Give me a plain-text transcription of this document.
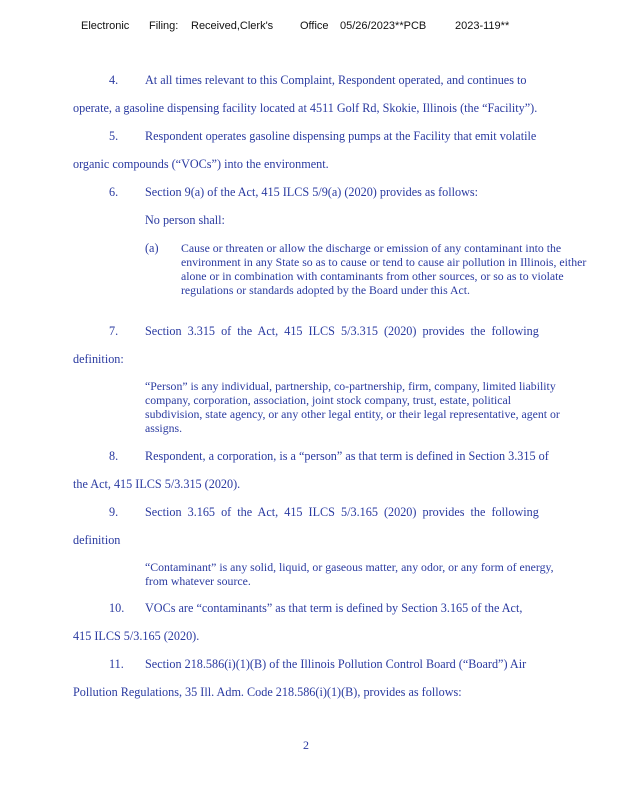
Electronic Filing: Received,Clerk's Office 05/26/2023**PCB	2023-119**
4. At all times relevant to this Complaint, Respondent operated, and continues to
operate, a gasoline dispensing facility located at 4511 Golf Rd, Skokie, Illinois (the “Facility”).
5. Respondent operates gasoline dispensing pumps at the Facility that emit volatile
organic compounds (“VOCs”) into the environment.
6. Section 9(a) of the Act, 415 ILCS 5/9(a) (2020) provides as follows:
No person shall:
(a) Cause or threaten or allow the discharge or emission of any contaminant into the environment in any State so as to cause or tend to cause air pollution in Illinois, either alone or in combination with contaminants from other sources, or so as to violate regulations or standards adopted by the Board under this Act.
7. Section 3.315 of the Act, 415 ILCS 5/3.315 (2020) provides the following
definition:
“Person” is any individual, partnership, co-partnership, firm, company, limited liability company, corporation, association, joint stock company, trust, estate, political subdivision, state agency, or any other legal entity, or their legal representative, agent or assigns.
8. Respondent, a corporation, is a “person” as that term is defined in Section 3.315 of
the Act, 415 ILCS 5/3.315 (2020).
9. Section 3.165 of the Act, 415 ILCS 5/3.165 (2020) provides the following
definition
“Contaminant” is any solid, liquid, or gaseous matter, any odor, or any form of energy, from whatever source.
10. VOCs are “contaminants” as that term is defined by Section 3.165 of the Act,
415 ILCS 5/3.165 (2020).
11. Section 218.586(i)(1)(B) of the Illinois Pollution Control Board (“Board”) Air
Pollution Regulations, 35 Ill. Adm. Code 218.586(i)(1)(B), provides as follows:
2
